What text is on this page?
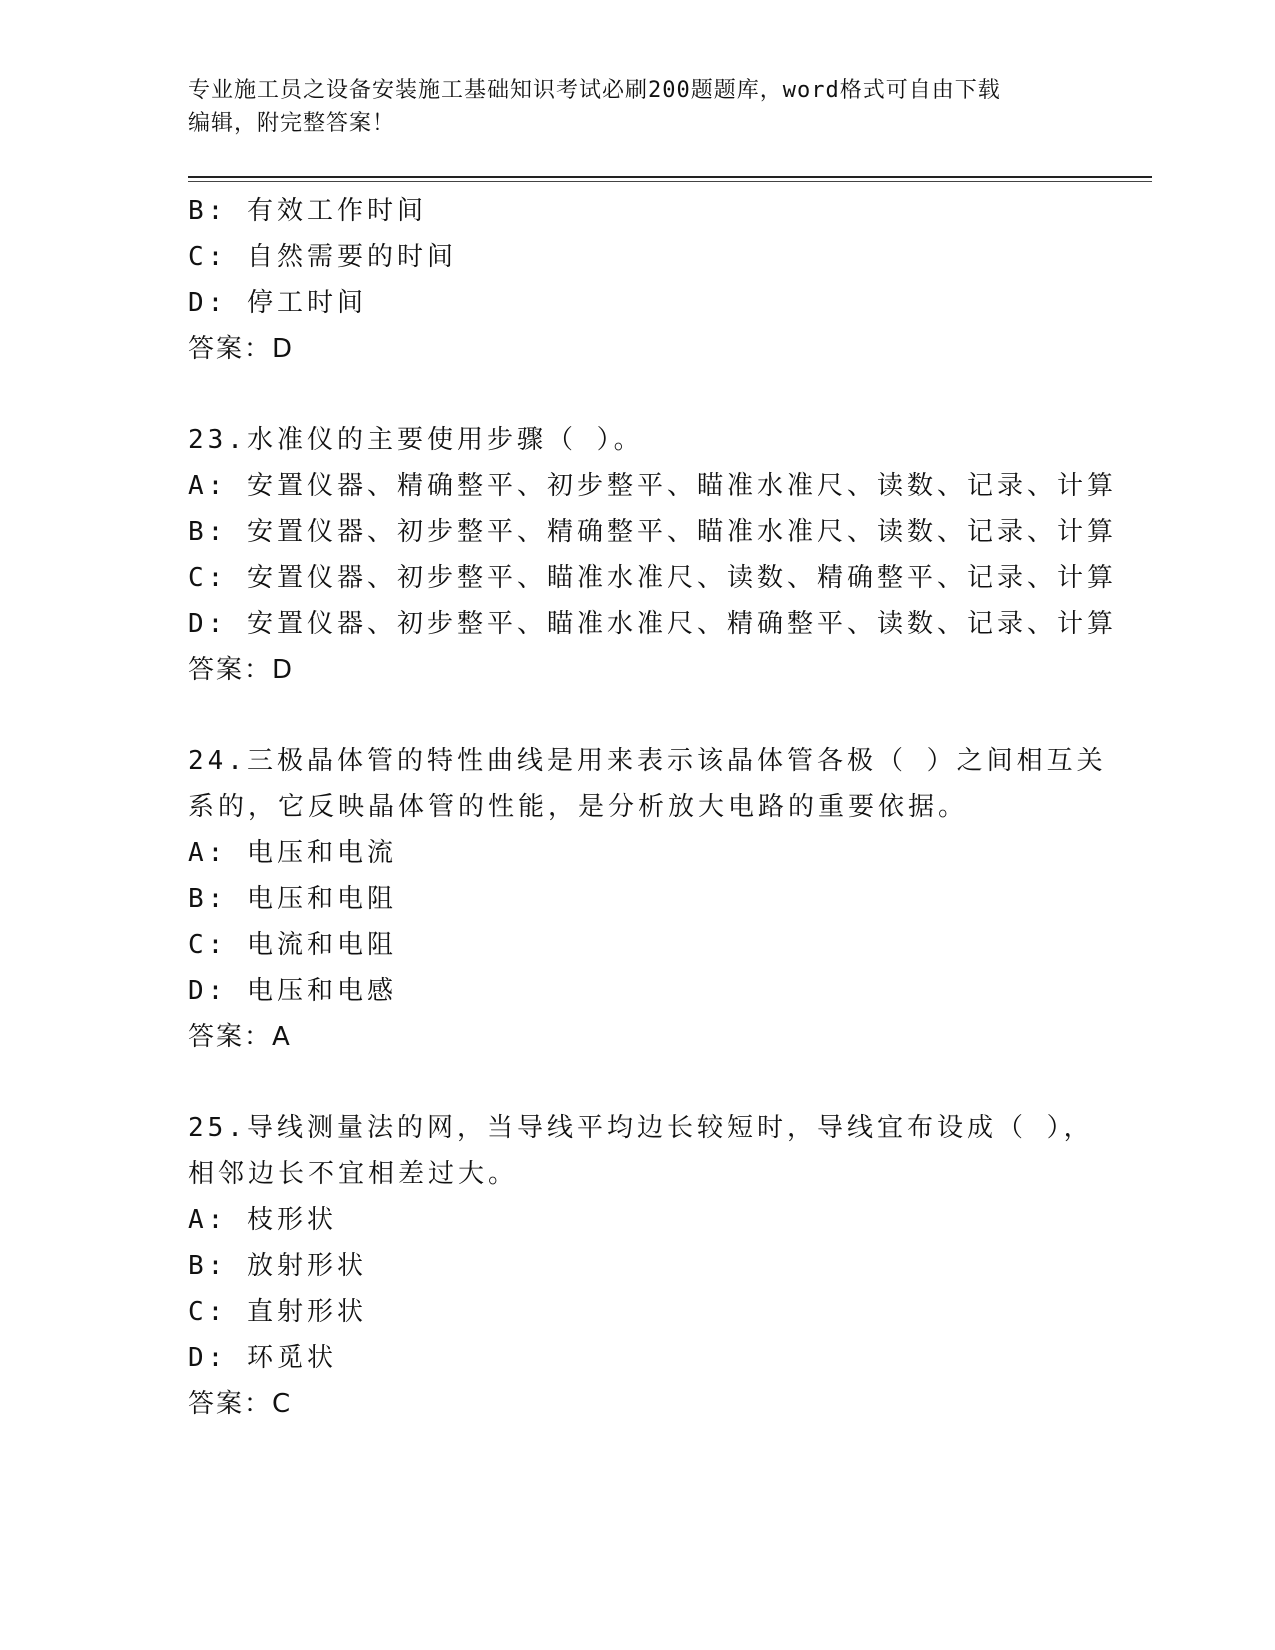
专业施工员之设备安装施工基础知识考试必刷200题题库，word格式可自由下载
编辑，附完整答案！
B: 有效工作时间
C: 自然需要的时间
D: 停工时间
答案：D
23.水准仪的主要使用步骤（ ）。
A: 安置仪器、精确整平、初步整平、瞄准水准尺、读数、记录、计算
B: 安置仪器、初步整平、精确整平、瞄准水准尺、读数、记录、计算
C: 安置仪器、初步整平、瞄准水准尺、读数、精确整平、记录、计算
D: 安置仪器、初步整平、瞄准水准尺、精确整平、读数、记录、计算
答案：D
24.三极晶体管的特性曲线是用来表示该晶体管各极（ ）之间相互关
系的，它反映晶体管的性能，是分析放大电路的重要依据。
A: 电压和电流
B: 电压和电阻
C: 电流和电阻
D: 电压和电感
答案：A
25.导线测量法的网，当导线平均边长较短时，导线宜布设成（ ），
相邻边长不宜相差过大。
A: 枝形状
B: 放射形状
C: 直射形状
D: 环觅状
答案：C
